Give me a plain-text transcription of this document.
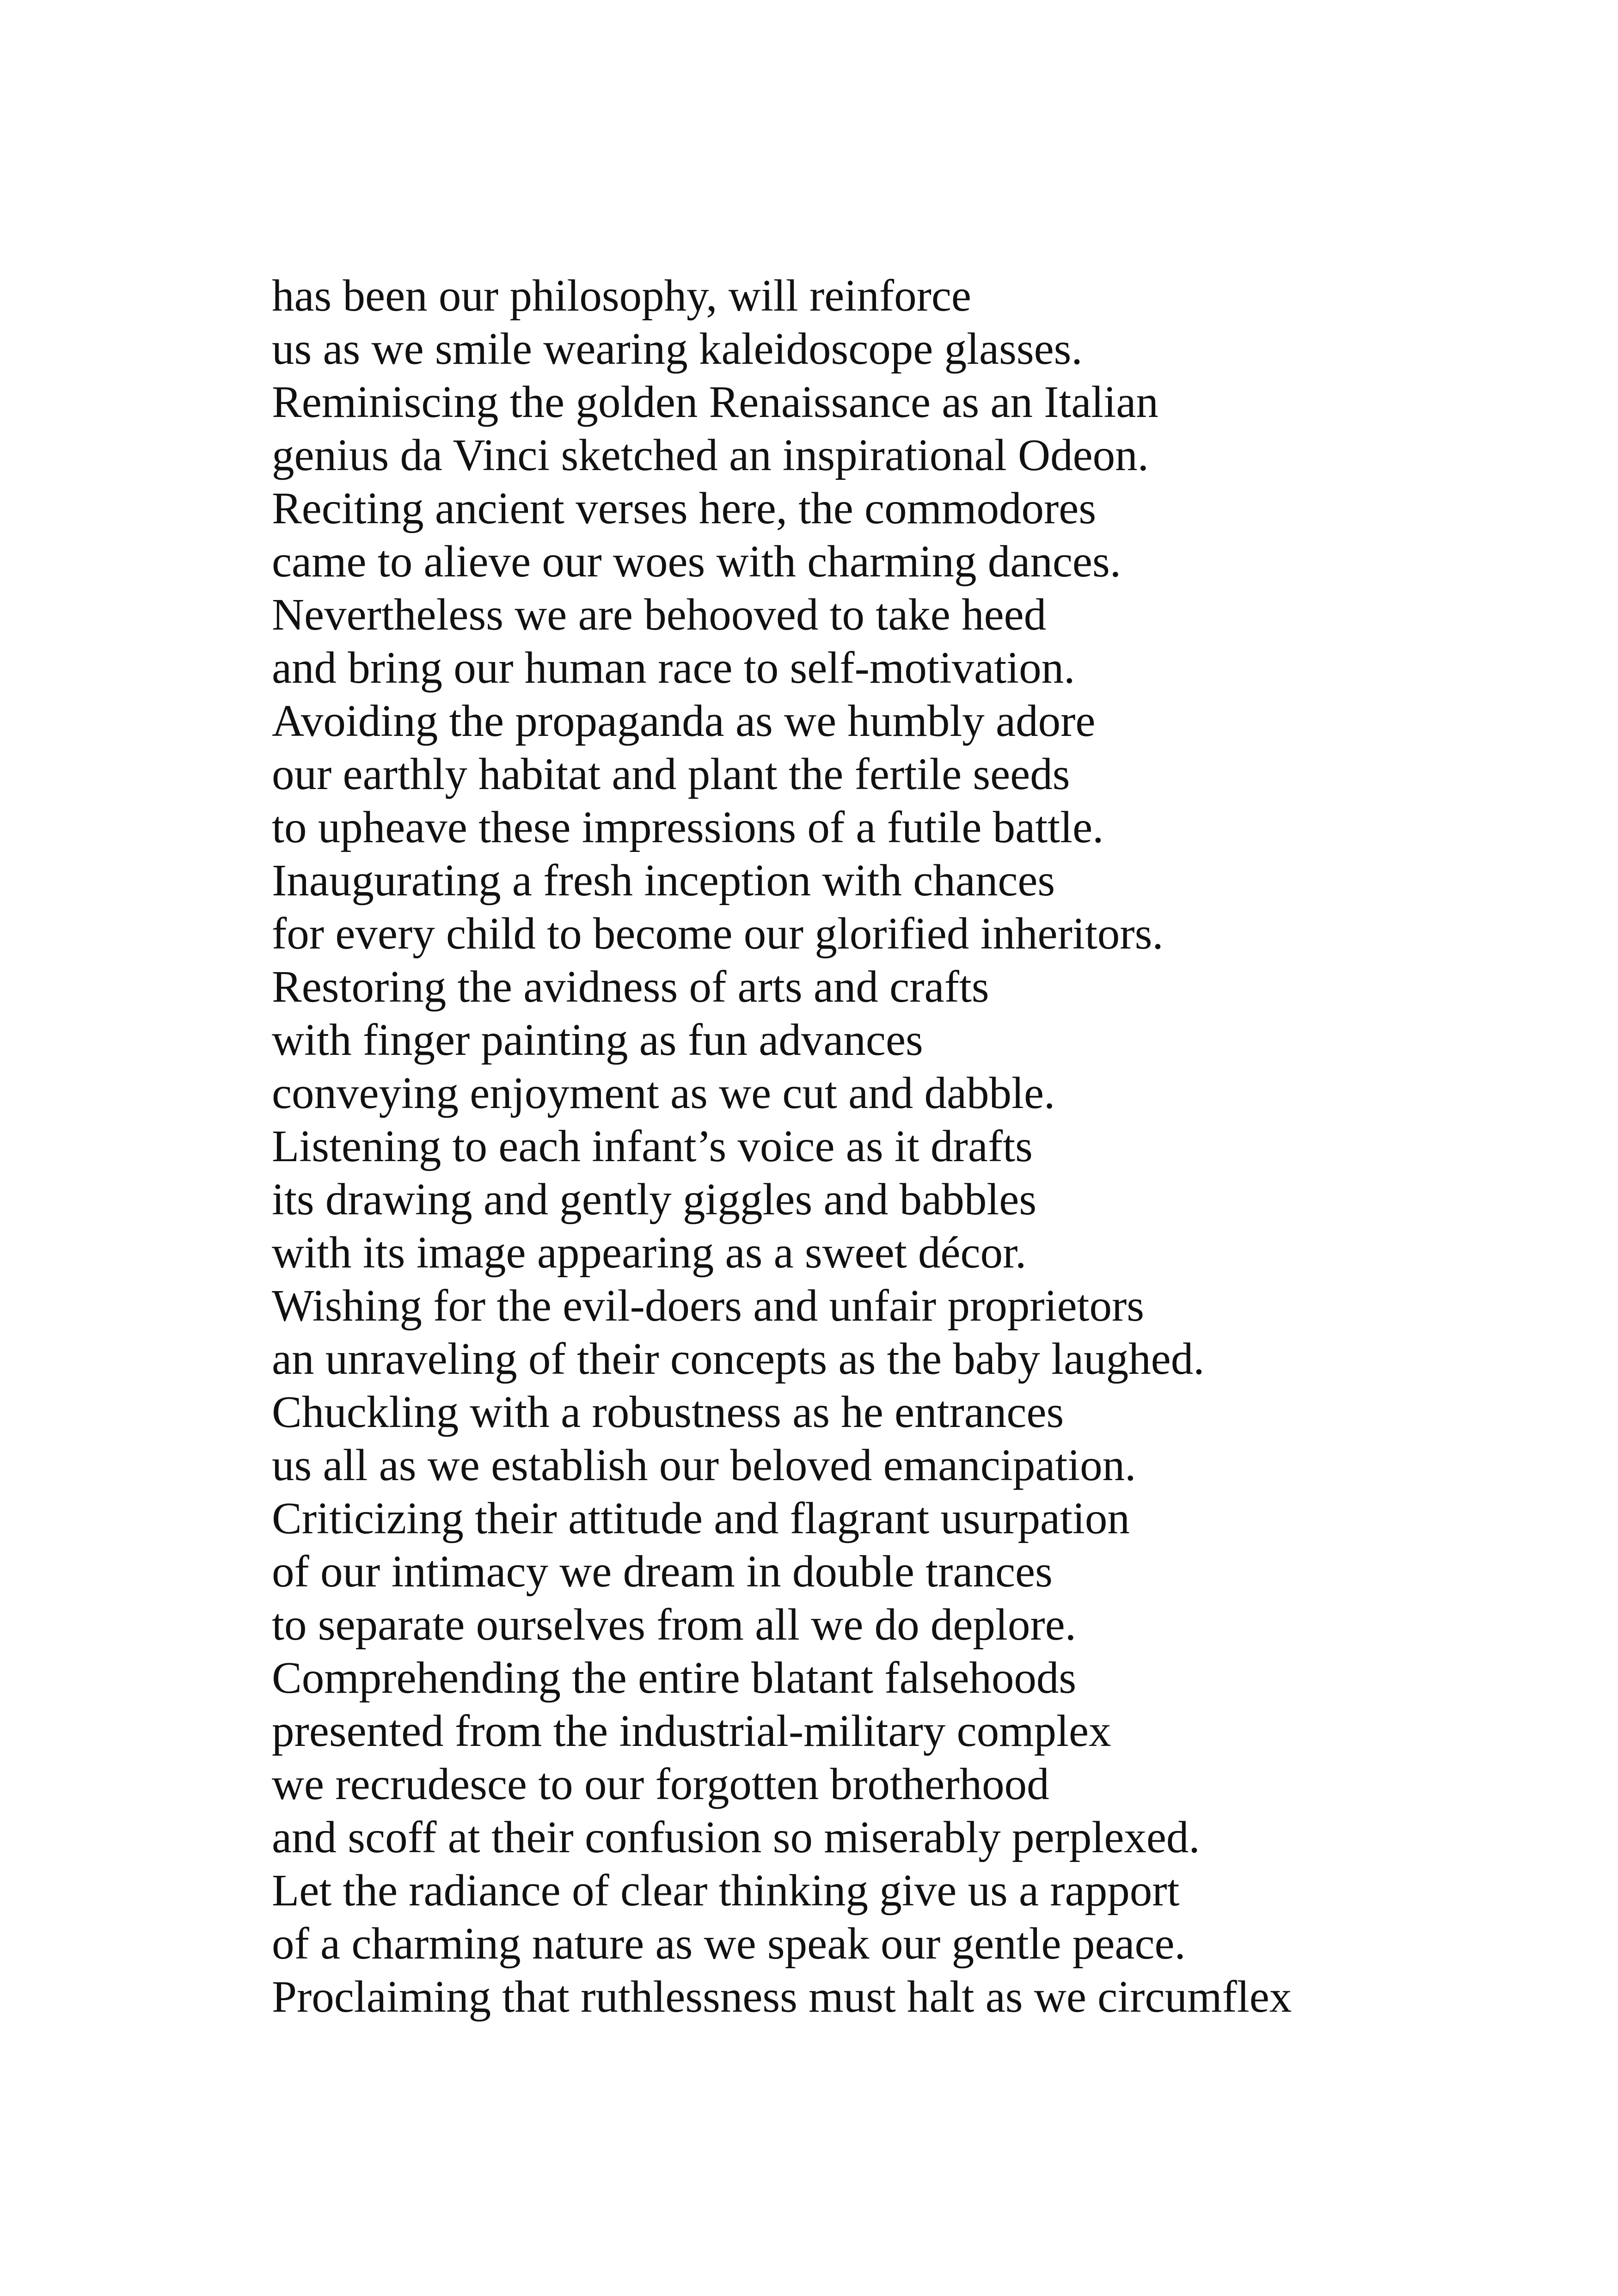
has been our philosophy, will reinforce
us as we smile wearing kaleidoscope glasses.
Reminiscing the golden Renaissance as an Italian
genius da Vinci sketched an inspirational Odeon.
Reciting ancient verses here, the commodores
came to alieve our woes with charming dances.
Nevertheless we are behooved to take heed
and bring our human race to self-motivation.
Avoiding the propaganda as we humbly adore
our earthly habitat and plant the fertile seeds
to upheave these impressions of a futile battle.
Inaugurating a fresh inception with chances
for every child to become our glorified inheritors.
Restoring the avidness of arts and crafts
with finger painting as fun advances
conveying enjoyment as we cut and dabble.
Listening to each infant’s voice as it drafts
its drawing and gently giggles and babbles
with its image appearing as a sweet décor.
Wishing for the evil-doers and unfair proprietors
an unraveling of their concepts as the baby laughed.
Chuckling with a robustness as he entrances
us all as we establish our beloved emancipation.
Criticizing their attitude and flagrant usurpation
of our intimacy we dream in double trances
to separate ourselves from all we do deplore.
Comprehending the entire blatant falsehoods
presented from the industrial-military complex
we recrudesce to our forgotten brotherhood
and scoff at their confusion so miserably perplexed.
Let the radiance of clear thinking give us a rapport
of a charming nature as we speak our gentle peace.
Proclaiming that ruthlessness must halt as we circumflex
